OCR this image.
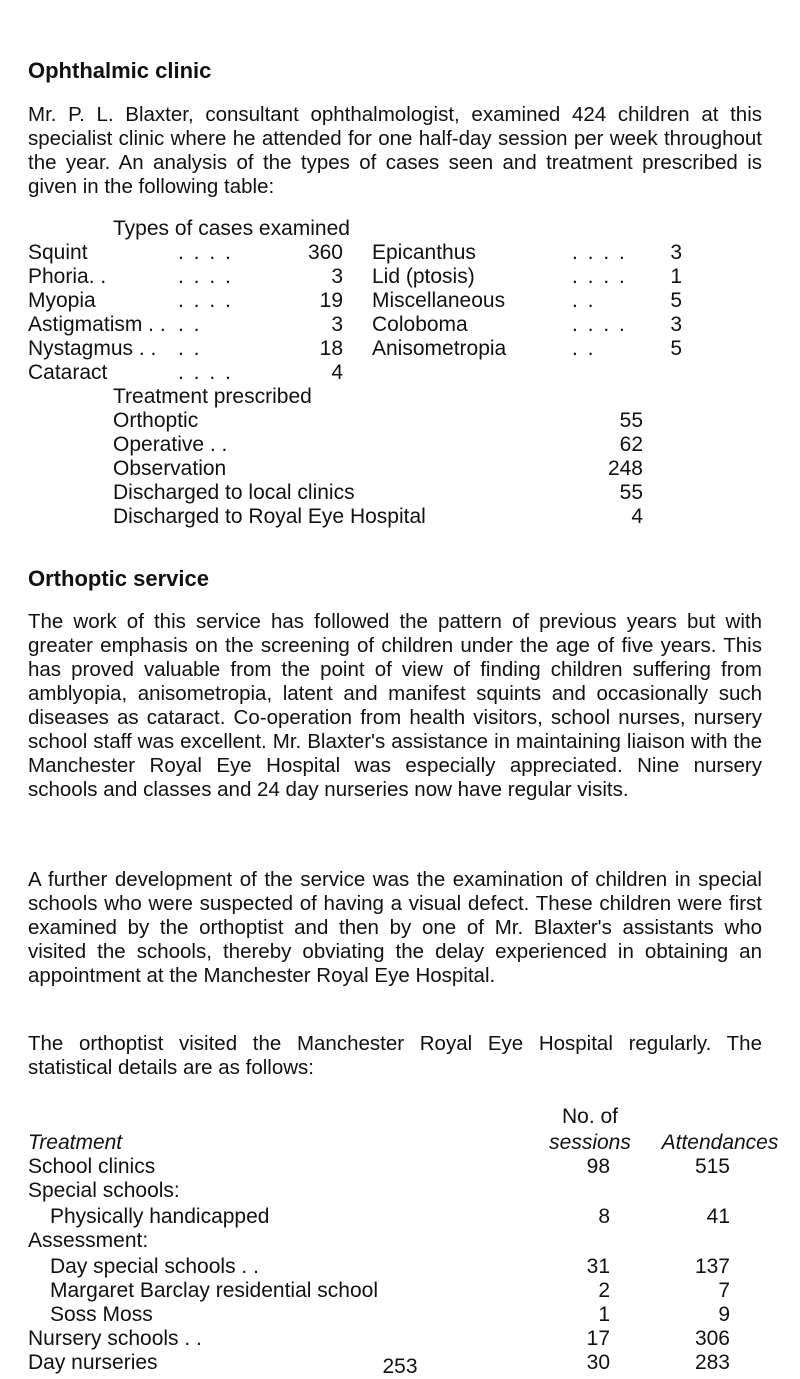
Ophthalmic clinic

Mr. P. L. Blaxter, consultant ophthalmologist, examined 424 children at this specialist clinic where he attended for one half-day session per week throughout the year. An analysis of the types of cases seen and treatment prescribed is given in the following table:

Types of cases examined
Squint	. . . .	360
Phoria. .	. . . .	3
Myopia	. . . .	19
Astigmatism . . . .	3
Nystagmus . . . .	18
Cataract	. . . .	4
Epicanthus	. . . .	3
Lid (ptosis)	. . . .	1
Miscellaneous	. .	5
Coloboma	. . . .	3
Anisometropia	. .	5
Treatment prescribed
Orthoptic	55
Operative . .	62
Observation	248
Discharged to local clinics	55
Discharged to Royal Eye Hospital	4
Orthoptic service

The work of this service has followed the pattern of previous years but with greater emphasis on the screening of children under the age of five years. This has proved valuable from the point of view of finding children suffering from amblyopia, anisometropia, latent and manifest squints and occasionally such diseases as cataract. Co-operation from health visitors, school nurses, nursery school staff was excellent. Mr. Blaxter's assistance in maintaining liaison with the Manchester Royal Eye Hospital was especially appreciated. Nine nursery schools and classes and 24 day nurseries now have regular visits.

A further development of the service was the examination of children in special schools who were suspected of having a visual defect. These children were first examined by the orthoptist and then by one of Mr. Blaxter's assistants who visited the schools, thereby obviating the delay experienced in obtaining an appointment at the Manchester Royal Eye Hospital.

The orthoptist visited the Manchester Royal Eye Hospital regularly. The statistical details are as follows:

Treatment
No. of
sessions	Attendances
School clinics	98	515
Special schools:
Physically handicapped	8	41
Assessment:
Day special schools . .	31	137
Margaret Barclay residential school	2	7
Soss Moss	1	9
Nursery schools . .	17	306
Day nurseries	30	283
253
